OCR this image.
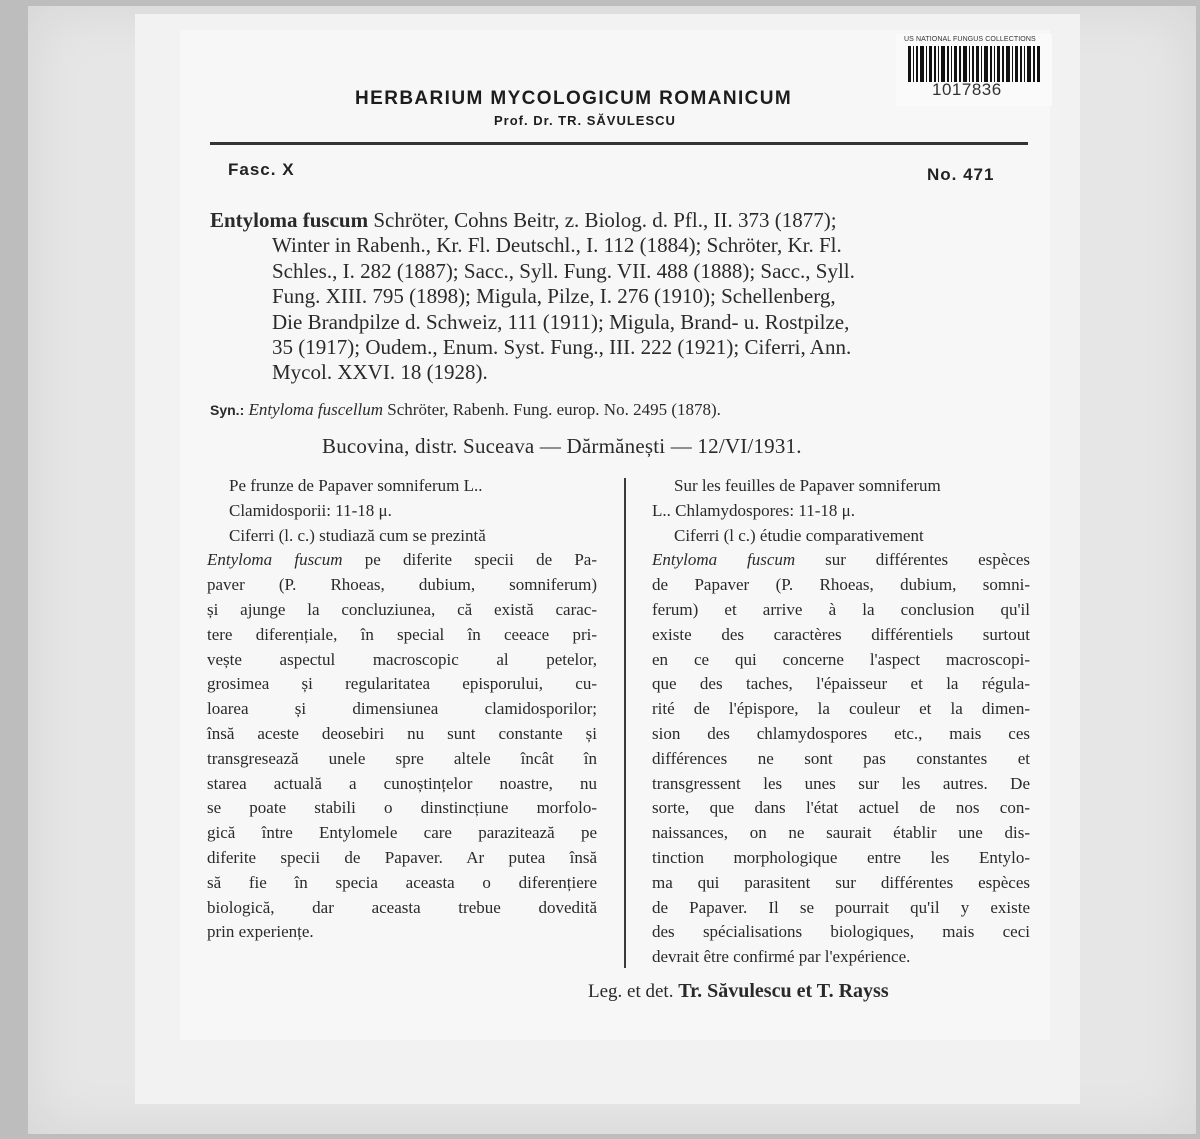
US NATIONAL FUNGUS COLLECTIONS
1017836
HERBARIUM MYCOLOGICUM ROMANICUM
Prof. Dr. TR. SĂVULESCU
Fasc. X	No. 471
Entyloma fuscum Schröter, Cohns Beitr, z. Biolog. d. Pfl., II. 373 (1877);
Winter in Rabenh., Kr. Fl. Deutschl., I. 112 (1884); Schröter, Kr. Fl.
Schles., I. 282 (1887); Sacc., Syll. Fung. VII. 488 (1888); Sacc., Syll.
Fung. XIII. 795 (1898); Migula, Pilze, I. 276 (1910); Schellenberg,
Die Brandpilze d. Schweiz, 111 (1911); Migula, Brand- u. Rostpilze,
35 (1917); Oudem., Enum. Syst. Fung., III. 222 (1921); Ciferri, Ann.
Mycol. XXVI. 18 (1928).
Syn.: Entyloma fuscellum Schröter, Rabenh. Fung. europ. No. 2495 (1878).
Bucovina, distr. Suceava — Dărmănești — 12/VI/1931.
Pe frunze de Papaver somniferum L..
Clamidosporii: 11-18 μ.
Ciferri (l. c.) studiază cum se prezintă
Entyloma fuscum pe diferite specii de Pa-
paver (P. Rhoeas, dubium, somniferum)
și ajunge la concluziunea, că există carac-
tere diferențiale, în special în ceeace pri-
vește aspectul macroscopic al petelor,
grosimea și regularitatea episporului, cu-
loarea și dimensiunea clamidosporilor;
însă aceste deosebiri nu sunt constante și
transgresează unele spre altele încât în
starea actuală a cunoștințelor noastre, nu
se poate stabili o dinstincțiune morfolo-
gică între Entylomele care parazitează pe
diferite specii de Papaver. Ar putea însă
să fie în specia aceasta o diferențiere
biologică, dar aceasta trebue dovedită
prin experiențe.
Sur les feuilles de Papaver somniferum
L.. Chlamydospores: 11-18 μ.
Ciferri (l c.) étudie comparativement
Entyloma fuscum sur différentes espèces
de Papaver (P. Rhoeas, dubium, somni-
ferum) et arrive à la conclusion qu'il
existe des caractères différentiels surtout
en ce qui concerne l'aspect macroscopi-
que des taches, l'épaisseur et la régula-
rité de l'épispore, la couleur et la dimen-
sion des chlamydospores etc., mais ces
différences ne sont pas constantes et
transgressent les unes sur les autres. De
sorte, que dans l'état actuel de nos con-
naissances, on ne saurait établir une dis-
tinction morphologique entre les Entylo-
ma qui parasitent sur différentes espèces
de Papaver. Il se pourrait qu'il y existe
des spécialisations biologiques, mais ceci
devrait être confirmé par l'expérience.
Leg. et det. Tr. Săvulescu et T. Rayss
